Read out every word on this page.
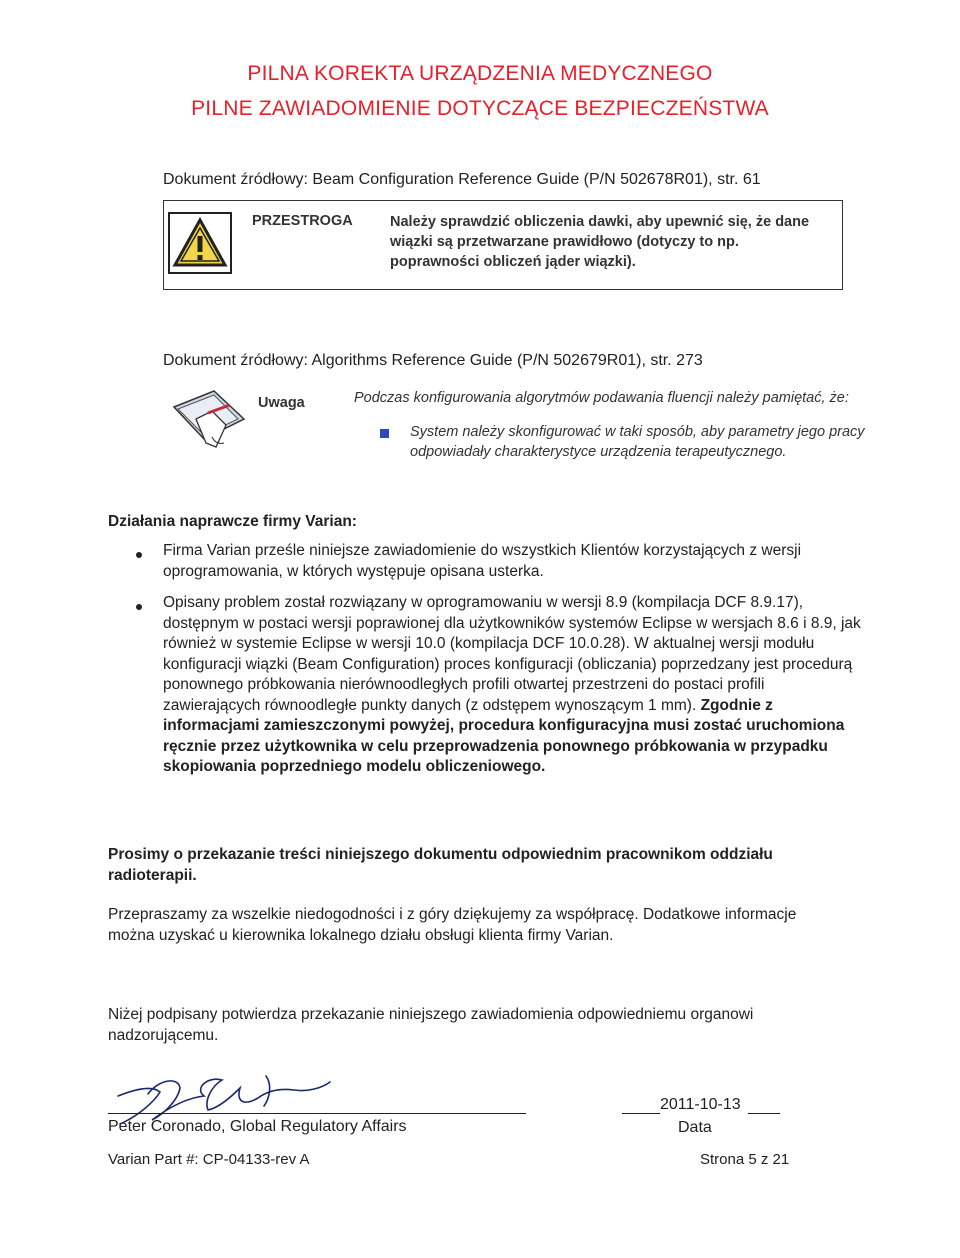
PILNA KOREKTA URZĄDZENIA MEDYCZNEGO
PILNE ZAWIADOMIENIE DOTYCZĄCE BEZPIECZEŃSTWA
Dokument źródłowy: Beam Configuration Reference Guide (P/N 502678R01), str. 61
PRZESTROGA	Należy sprawdzić obliczenia dawki, aby upewnić się, że dane wiązki są przetwarzane prawidłowo (dotyczy to np. poprawności obliczeń jąder wiązki).
Dokument źródłowy: Algorithms Reference Guide (P/N 502679R01), str. 273
Uwaga	Podczas konfigurowania algorytmów podawania fluencji należy pamiętać, że:
System należy skonfigurować w taki sposób, aby parametry jego pracy odpowiadały charakterystyce urządzenia terapeutycznego.
Działania naprawcze firmy Varian:
Firma Varian prześle niniejsze zawiadomienie do wszystkich Klientów korzystających z wersji oprogramowania, w których występuje opisana usterka.
Opisany problem został rozwiązany w oprogramowaniu w wersji 8.9 (kompilacja DCF 8.9.17), dostępnym w postaci wersji poprawionej dla użytkowników systemów Eclipse w wersjach 8.6 i 8.9, jak również w systemie Eclipse w wersji 10.0 (kompilacja DCF 10.0.28). W aktualnej wersji modułu konfiguracji wiązki (Beam Configuration) proces konfiguracji (obliczania) poprzedzany jest procedurą ponownego próbkowania nierównoodległych profili otwartej przestrzeni do postaci profili zawierających równoodległe punkty danych (z odstępem wynoszącym 1 mm). Zgodnie z informacjami zamieszczonymi powyżej, procedura konfiguracyjna musi zostać uruchomiona ręcznie przez użytkownika w celu przeprowadzenia ponownego próbkowania w przypadku skopiowania poprzedniego modelu obliczeniowego.
Prosimy o przekazanie treści niniejszego dokumentu odpowiednim pracownikom oddziału radioterapii.
Przepraszamy za wszelkie niedogodności i z góry dziękujemy za współpracę. Dodatkowe informacje można uzyskać u kierownika lokalnego działu obsługi klienta firmy Varian.
Niżej podpisany potwierdza przekazanie niniejszego zawiadomienia odpowiedniemu organowi nadzorującemu.
Peter Coronado, Global Regulatory Affairs
2011-10-13
Data
Varian Part #: CP-04133-rev A	Strona 5 z 21
